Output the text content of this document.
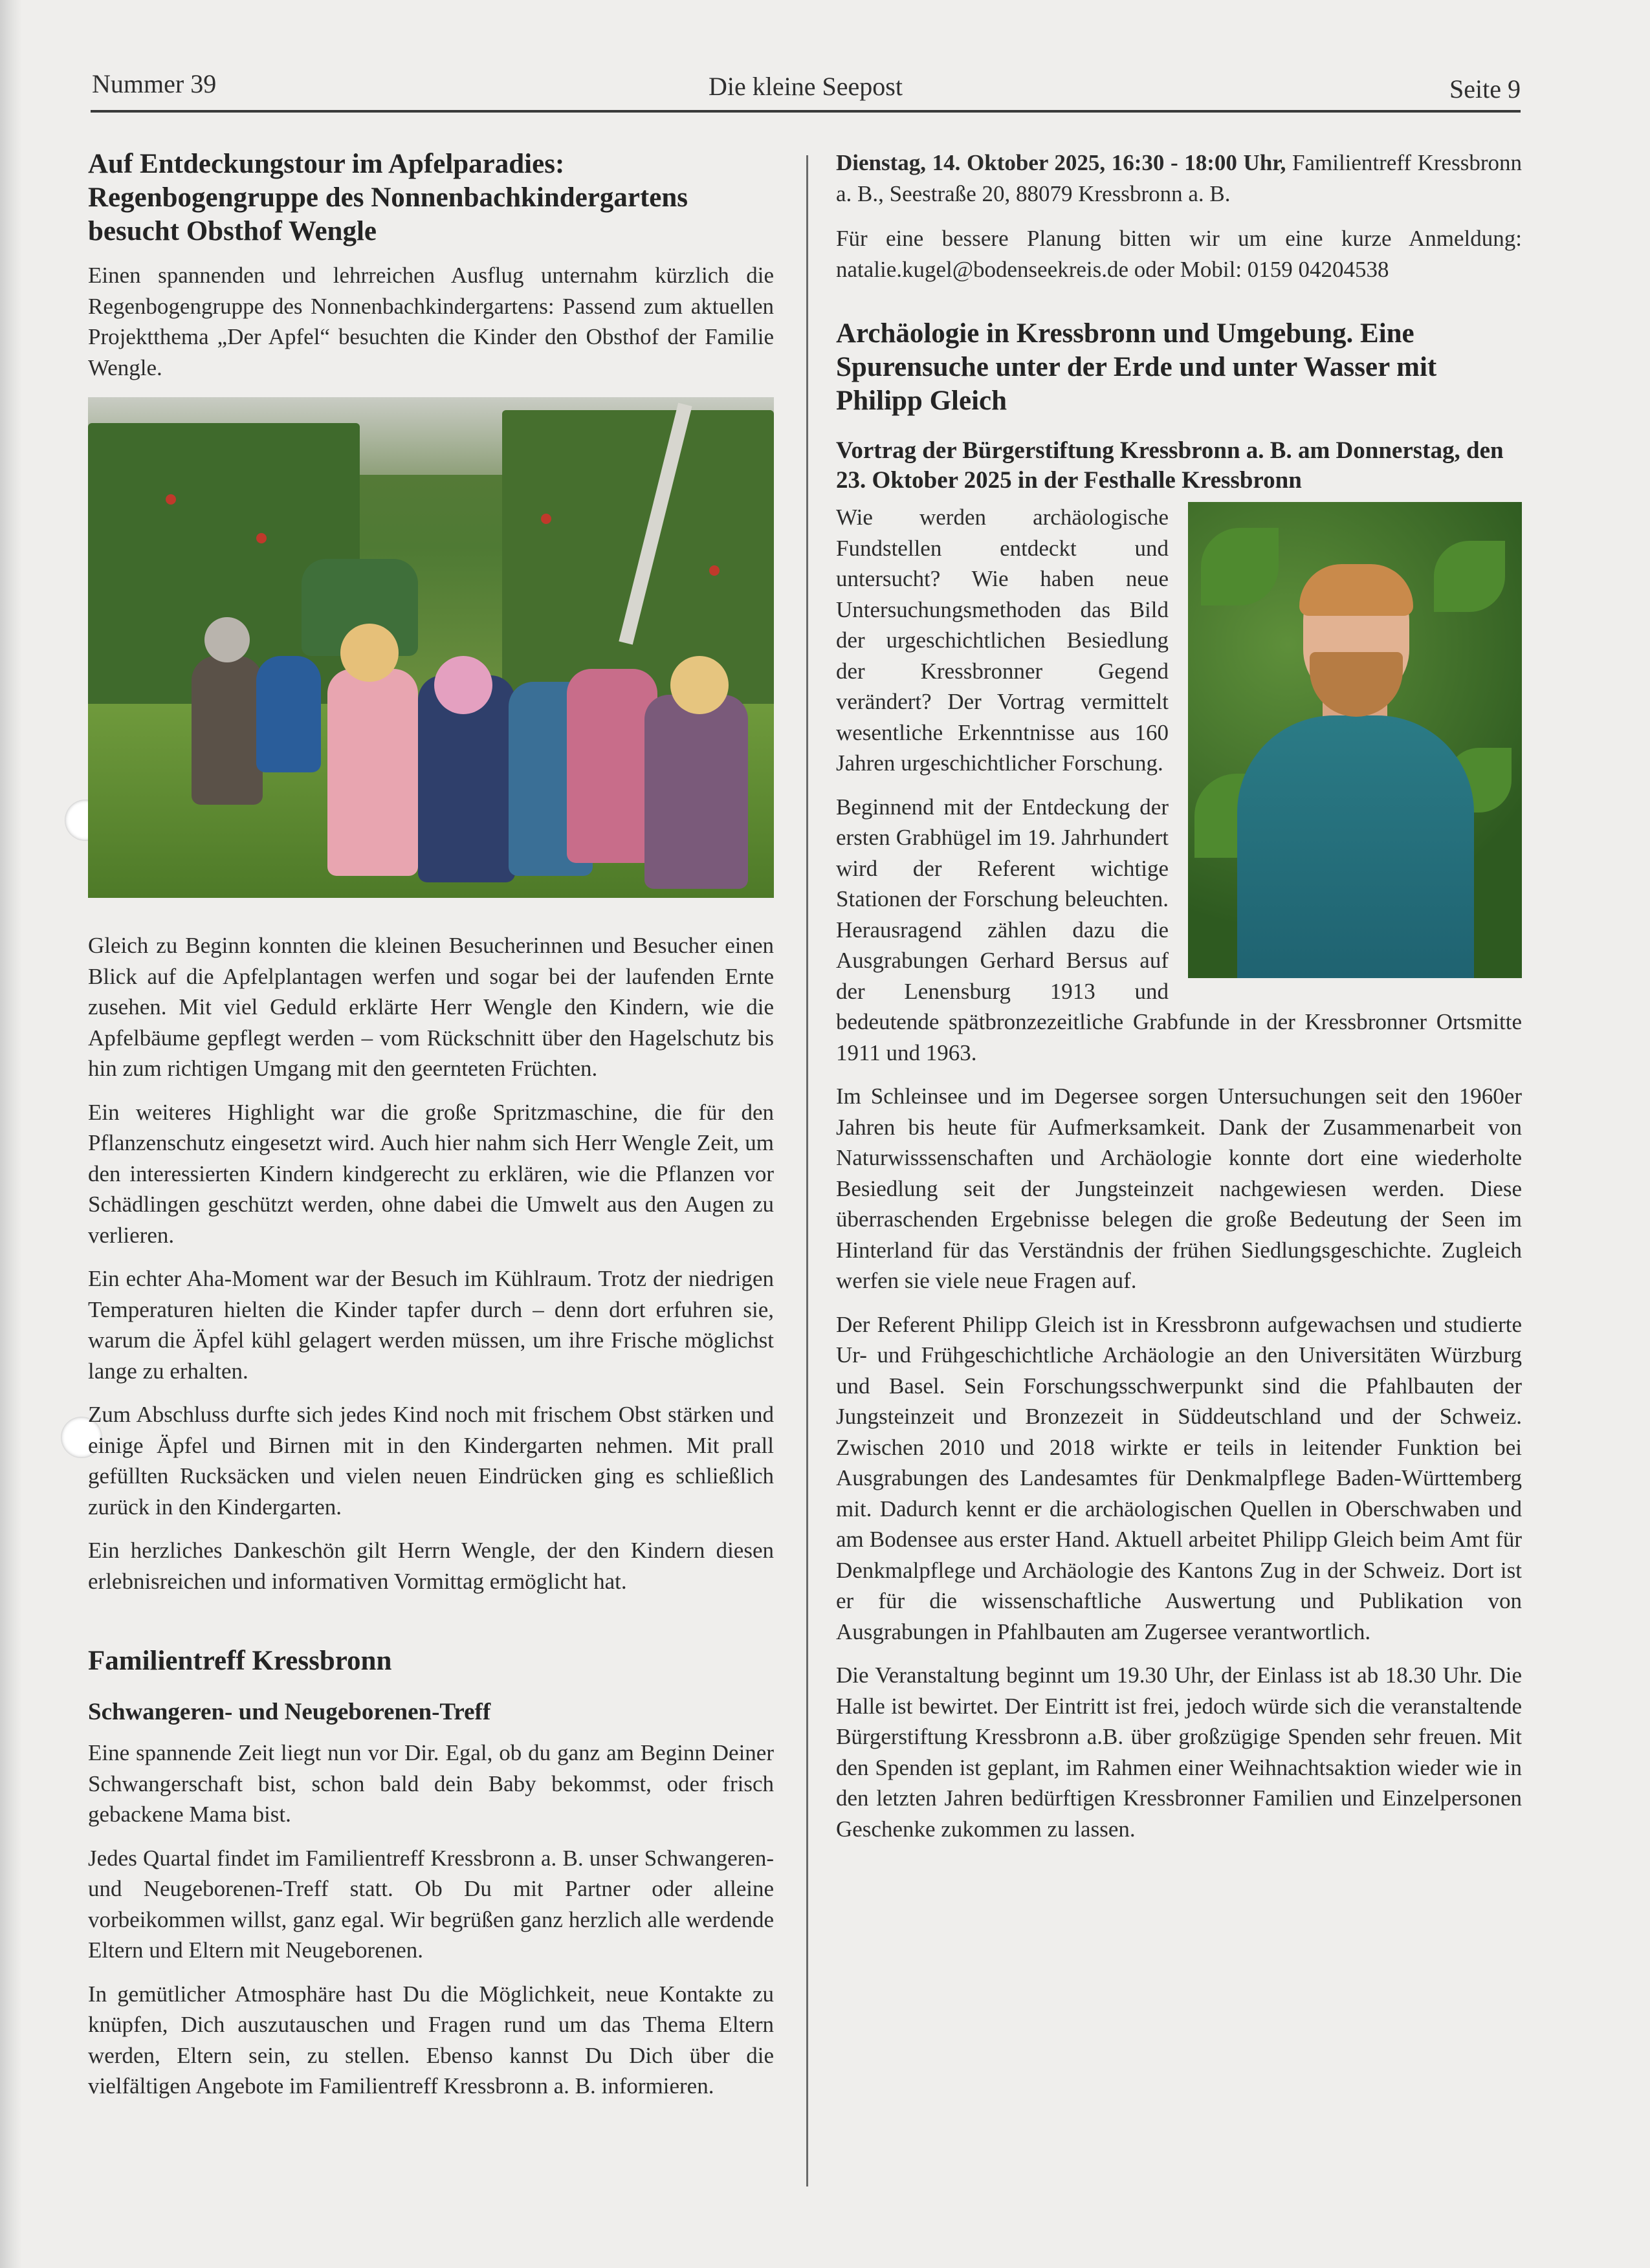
Nummer 39	Die kleine Seepost	Seite 9
Auf Entdeckungstour im Apfelparadies: Regenbogengruppe des Nonnenbachkindergartens besucht Obsthof Wengle

Einen spannenden und lehrreichen Ausflug unternahm kürzlich die Regenbogengruppe des Nonnenbachkindergartens: Passend zum aktuellen Projektthema „Der Apfel“ besuchten die Kinder den Obsthof der Familie Wengle.

Gleich zu Beginn konnten die kleinen Besucherinnen und Besucher einen Blick auf die Apfelplantagen werfen und sogar bei der laufenden Ernte zusehen. Mit viel Geduld erklärte Herr Wengle den Kindern, wie die Apfelbäume gepflegt werden – vom Rückschnitt über den Hagelschutz bis hin zum richtigen Umgang mit den geernteten Früchten.

Ein weiteres Highlight war die große Spritzmaschine, die für den Pflanzenschutz eingesetzt wird. Auch hier nahm sich Herr Wengle Zeit, um den interessierten Kindern kindgerecht zu erklären, wie die Pflanzen vor Schädlingen geschützt werden, ohne dabei die Umwelt aus den Augen zu verlieren.

Ein echter Aha-Moment war der Besuch im Kühlraum. Trotz der niedrigen Temperaturen hielten die Kinder tapfer durch – denn dort erfuhren sie, warum die Äpfel kühl gelagert werden müssen, um ihre Frische möglichst lange zu erhalten.

Zum Abschluss durfte sich jedes Kind noch mit frischem Obst stärken und einige Äpfel und Birnen mit in den Kindergarten nehmen. Mit prall gefüllten Rucksäcken und vielen neuen Eindrücken ging es schließlich zurück in den Kindergarten.

Ein herzliches Dankeschön gilt Herrn Wengle, der den Kindern diesen erlebnisreichen und informativen Vormittag ermöglicht hat.

Familientreff Kressbronn
Schwangeren- und Neugeborenen-Treff

Eine spannende Zeit liegt nun vor Dir. Egal, ob du ganz am Beginn Deiner Schwangerschaft bist, schon bald dein Baby bekommst, oder frisch gebackene Mama bist.

Jedes Quartal findet im Familientreff Kressbronn a. B. unser Schwangeren- und Neugeborenen-Treff statt. Ob Du mit Partner oder alleine vorbeikommen willst, ganz egal. Wir begrüßen ganz herzlich alle werdende Eltern und Eltern mit Neugeborenen.

In gemütlicher Atmosphäre hast Du die Möglichkeit, neue Kontakte zu knüpfen, Dich auszutauschen und Fragen rund um das Thema Eltern werden, Eltern sein, zu stellen. Ebenso kannst Du Dich über die vielfältigen Angebote im Familientreff Kressbronn a. B. informieren.

Dienstag, 14. Oktober 2025, 16:30 - 18:00 Uhr, Familientreff Kressbronn a. B., Seestraße 20, 88079 Kressbronn a. B.

Für eine bessere Planung bitten wir um eine kurze Anmeldung: natalie.kugel@bodenseekreis.de oder Mobil: 0159 04204538

Archäologie in Kressbronn und Umgebung. Eine Spurensuche unter der Erde und unter Wasser mit Philipp Gleich
Vortrag der Bürgerstiftung Kressbronn a. B. am Donnerstag, den 23. Oktober 2025 in der Festhalle Kressbronn

Wie werden archäologische Fundstellen entdeckt und untersucht? Wie haben neue Untersuchungsmethoden das Bild der urgeschichtlichen Besiedlung der Kressbronner Gegend verändert? Der Vortrag vermittelt wesentliche Erkenntnisse aus 160 Jahren urgeschichtlicher Forschung.

Beginnend mit der Entdeckung der ersten Grabhügel im 19. Jahrhundert wird der Referent wichtige Stationen der Forschung beleuchten. Herausragend zählen dazu die Ausgrabungen Gerhard Bersus auf der Lenensburg 1913 und bedeutende spätbronzezeitliche Grabfunde in der Kressbronner Ortsmitte 1911 und 1963.

Im Schleinsee und im Degersee sorgen Untersuchungen seit den 1960er Jahren bis heute für Aufmerksamkeit. Dank der Zusammenarbeit von Naturwisssenschaften und Archäologie konnte dort eine wiederholte Besiedlung seit der Jungsteinzeit nachgewiesen werden. Diese überraschenden Ergebnisse belegen die große Bedeutung der Seen im Hinterland für das Verständnis der frühen Siedlungsgeschichte. Zugleich werfen sie viele neue Fragen auf.

Der Referent Philipp Gleich ist in Kressbronn aufgewachsen und studierte Ur- und Frühgeschichtliche Archäologie an den Universitäten Würzburg und Basel. Sein Forschungsschwerpunkt sind die Pfahlbauten der Jungsteinzeit und Bronzezeit in Süddeutschland und der Schweiz. Zwischen 2010 und 2018 wirkte er teils in leitender Funktion bei Ausgrabungen des Landesamtes für Denkmalpflege Baden-Württemberg mit. Dadurch kennt er die archäologischen Quellen in Oberschwaben und am Bodensee aus erster Hand. Aktuell arbeitet Philipp Gleich beim Amt für Denkmalpflege und Archäologie des Kantons Zug in der Schweiz. Dort ist er für die wissenschaftliche Auswertung und Publikation von Ausgrabungen in Pfahlbauten am Zugersee verantwortlich.

Die Veranstaltung beginnt um 19.30 Uhr, der Einlass ist ab 18.30 Uhr. Die Halle ist bewirtet. Der Eintritt ist frei, jedoch würde sich die veranstaltende Bürgerstiftung Kressbronn a.B. über großzügige Spenden sehr freuen. Mit den Spenden ist geplant, im Rahmen einer Weihnachtsaktion wieder wie in den letzten Jahren bedürftigen Kressbronner Familien und Einzelpersonen Geschenke zukommen zu lassen.
